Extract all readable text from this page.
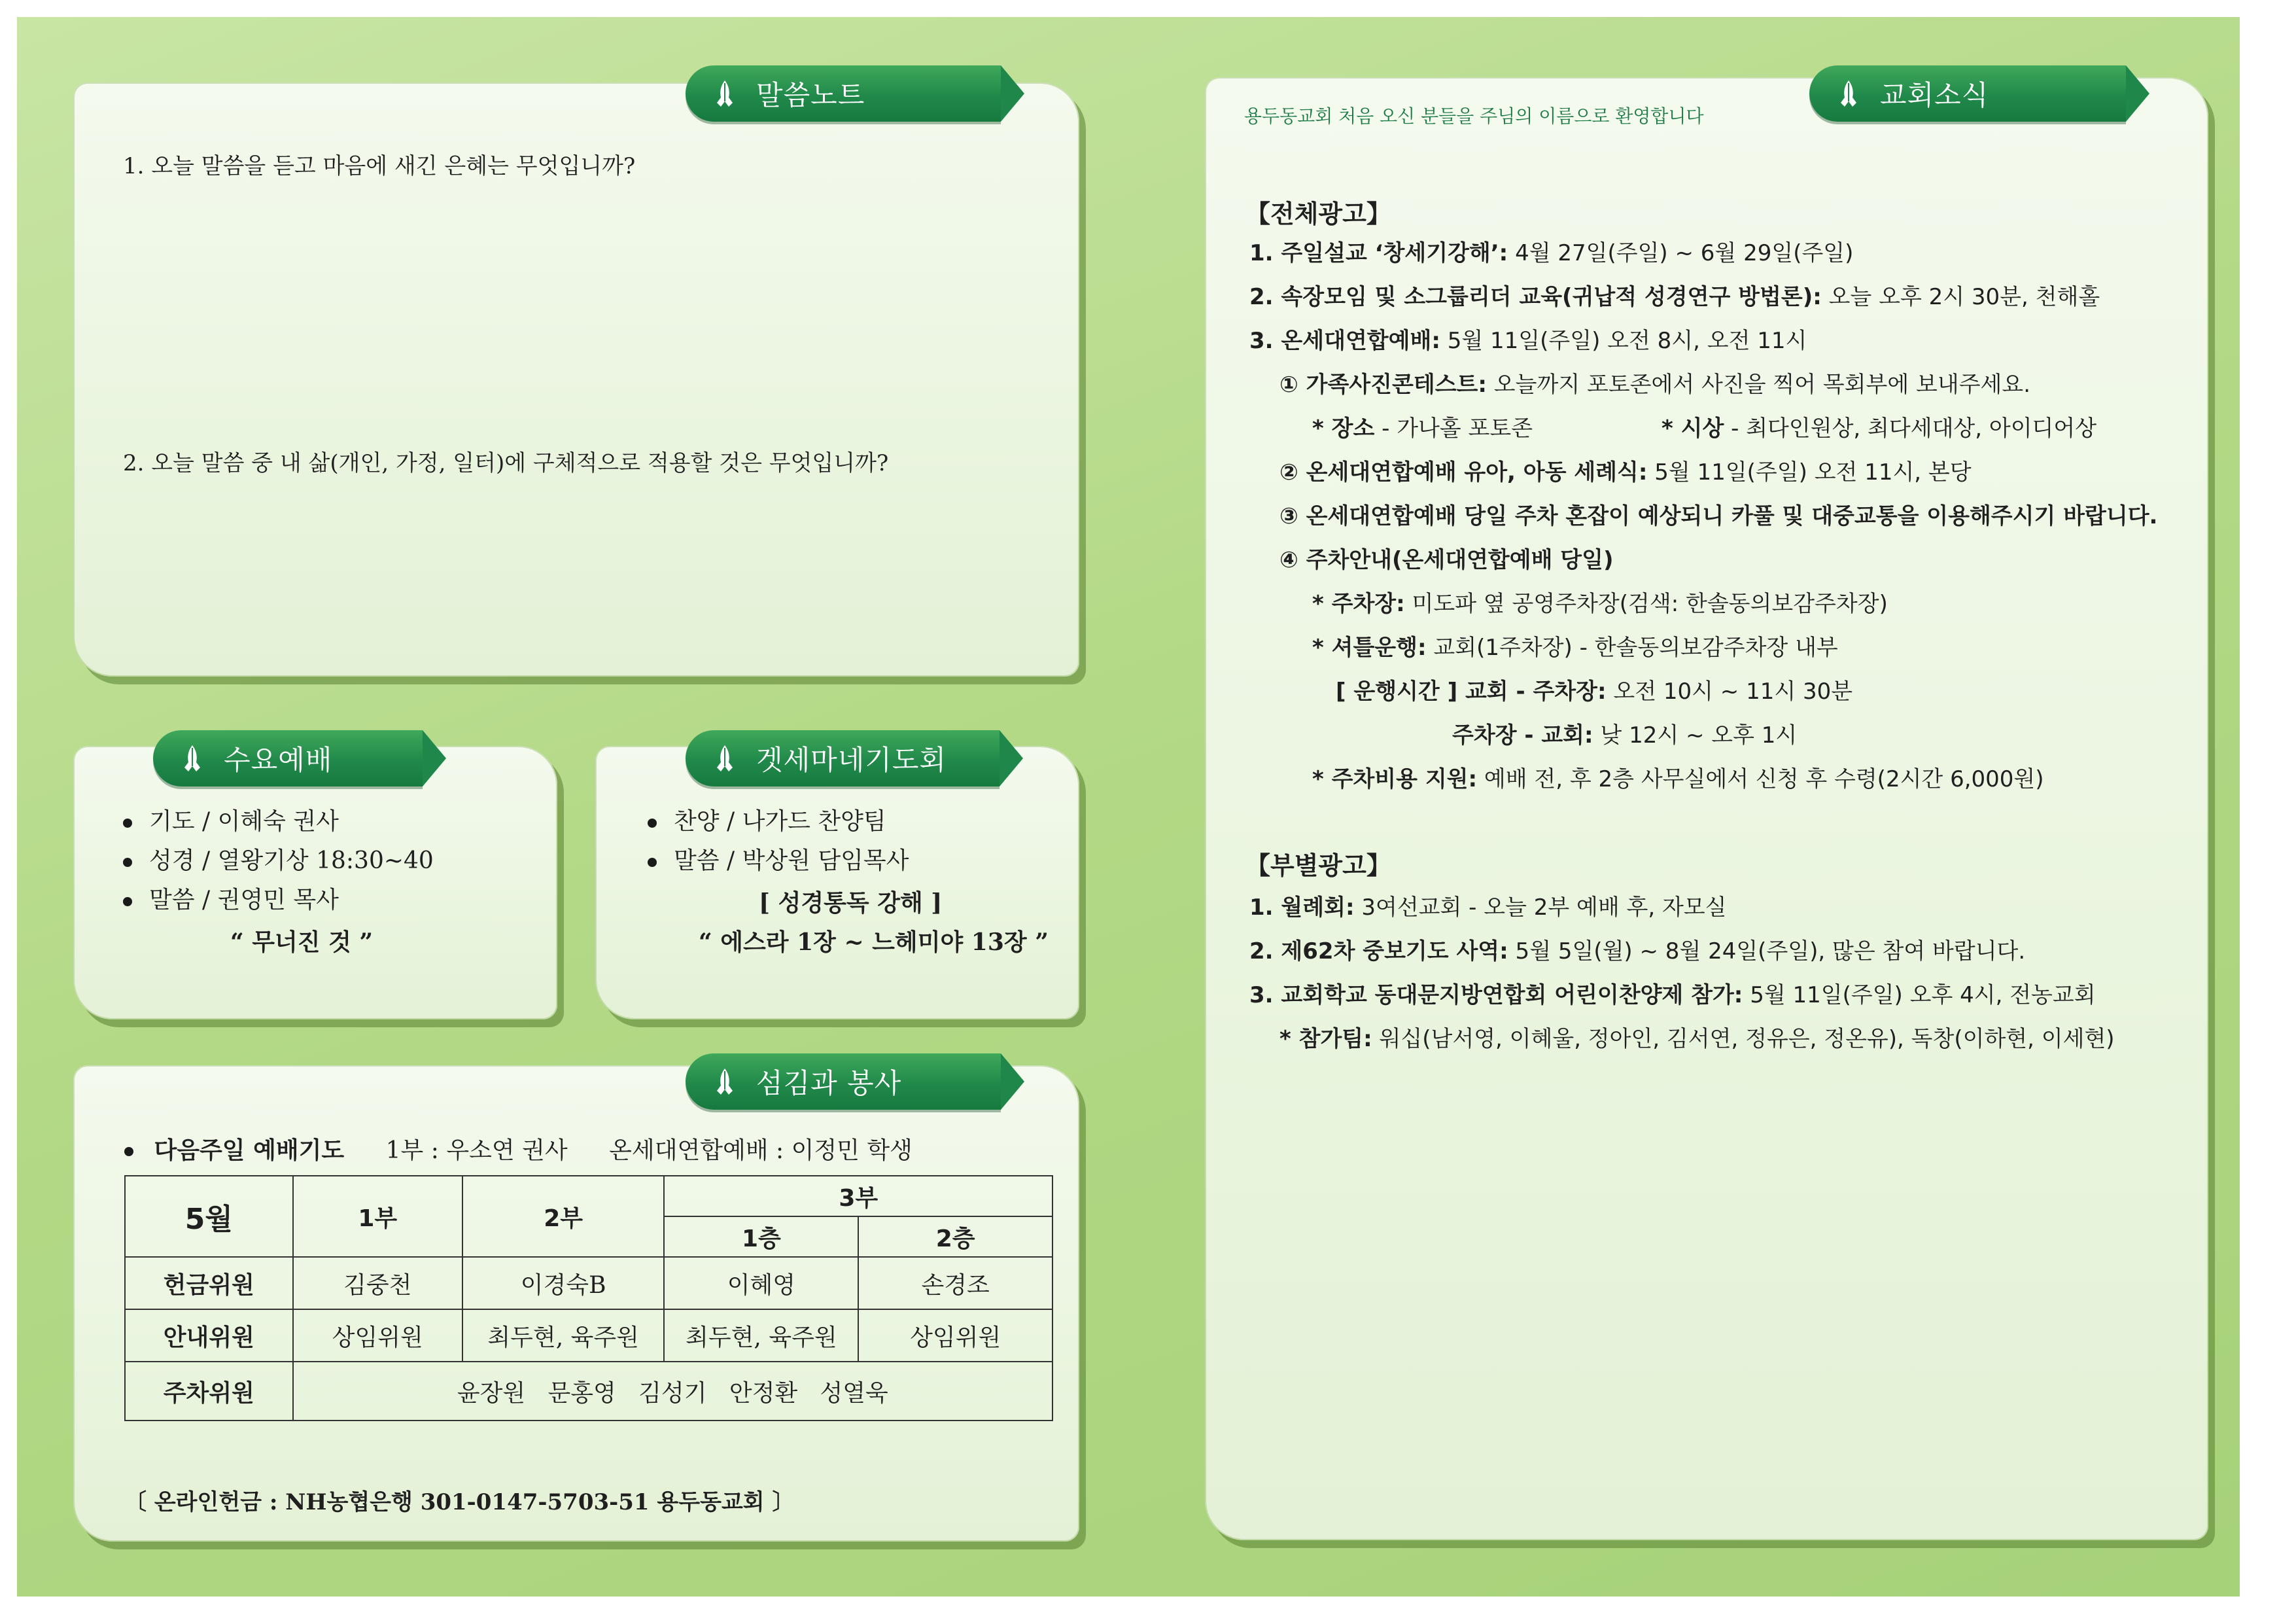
말씀노트
1. 오늘 말씀을 듣고 마음에 새긴 은혜는 무엇입니까?
2. 오늘 말씀 중 내 삶(개인, 가정, 일터)에 구체적으로 적용할 것은 무엇입니까?
수요예배
기도 / 이혜숙 권사
성경 / 열왕기상 18:30~40
말씀 / 권영민 목사
“ 무너진 것 ”
겟세마네기도회
찬양 / 나가드 찬양팀
말씀 / 박상원 담임목사
[ 성경통독 강해 ]
“ 에스라 1장 ~ 느헤미야 13장 ”
섬김과 봉사
다음주일 예배기도 1부 : 우소연 권사 온세대연합예배 : 이정민 학생
5월	1부	2부	3부	
			1층	2층
헌금위원	김중천	이경숙B	이혜영	손경조
안내위원	상임위원	최두현, 육주원	최두현, 육주원	상임위원
주차위원	윤장원   문홍영   김성기   안정환   성열욱			
〔 온라인헌금 : NH농협은행 301-0147-5703-51 용두동교회 〕
교회소식
용두동교회 처음 오신 분들을 주님의 이름으로 환영합니다
【전체광고】
1. 주일설교 ‘창세기강해’: 4월 27일(주일) ~ 6월 29일(주일)
2. 속장모임 및 소그룹리더 교육(귀납적 성경연구 방법론): 오늘 오후 2시 30분, 천해홀
3. 온세대연합예배: 5월 11일(주일) 오전 8시, 오전 11시
① 가족사진콘테스트: 오늘까지 포토존에서 사진을 찍어 목회부에 보내주세요.
* 장소 - 가나홀 포토존	* 시상 - 최다인원상, 최다세대상, 아이디어상
② 온세대연합예배 유아, 아동 세례식: 5월 11일(주일) 오전 11시, 본당
③ 온세대연합예배 당일 주차 혼잡이 예상되니 카풀 및 대중교통을 이용해주시기 바랍니다.
④ 주차안내(온세대연합예배 당일)
* 주차장: 미도파 옆 공영주차장(검색: 한솔동의보감주차장)
* 셔틀운행: 교회(1주차장) - 한솔동의보감주차장 내부
[ 운행시간 ] 교회 - 주차장: 오전 10시 ~ 11시 30분
주차장 - 교회: 낮 12시 ~ 오후 1시
* 주차비용 지원: 예배 전, 후 2층 사무실에서 신청 후 수령(2시간 6,000원)
【부별광고】
1. 월례회: 3여선교회 - 오늘 2부 예배 후, 자모실
2. 제62차 중보기도 사역: 5월 5일(월) ~ 8월 24일(주일), 많은 참여 바랍니다.
3. 교회학교 동대문지방연합회 어린이찬양제 참가: 5월 11일(주일) 오후 4시, 전농교회
* 참가팀: 워십(남서영, 이혜울, 정아인, 김서연, 정유은, 정온유), 독창(이하현, 이세현)
